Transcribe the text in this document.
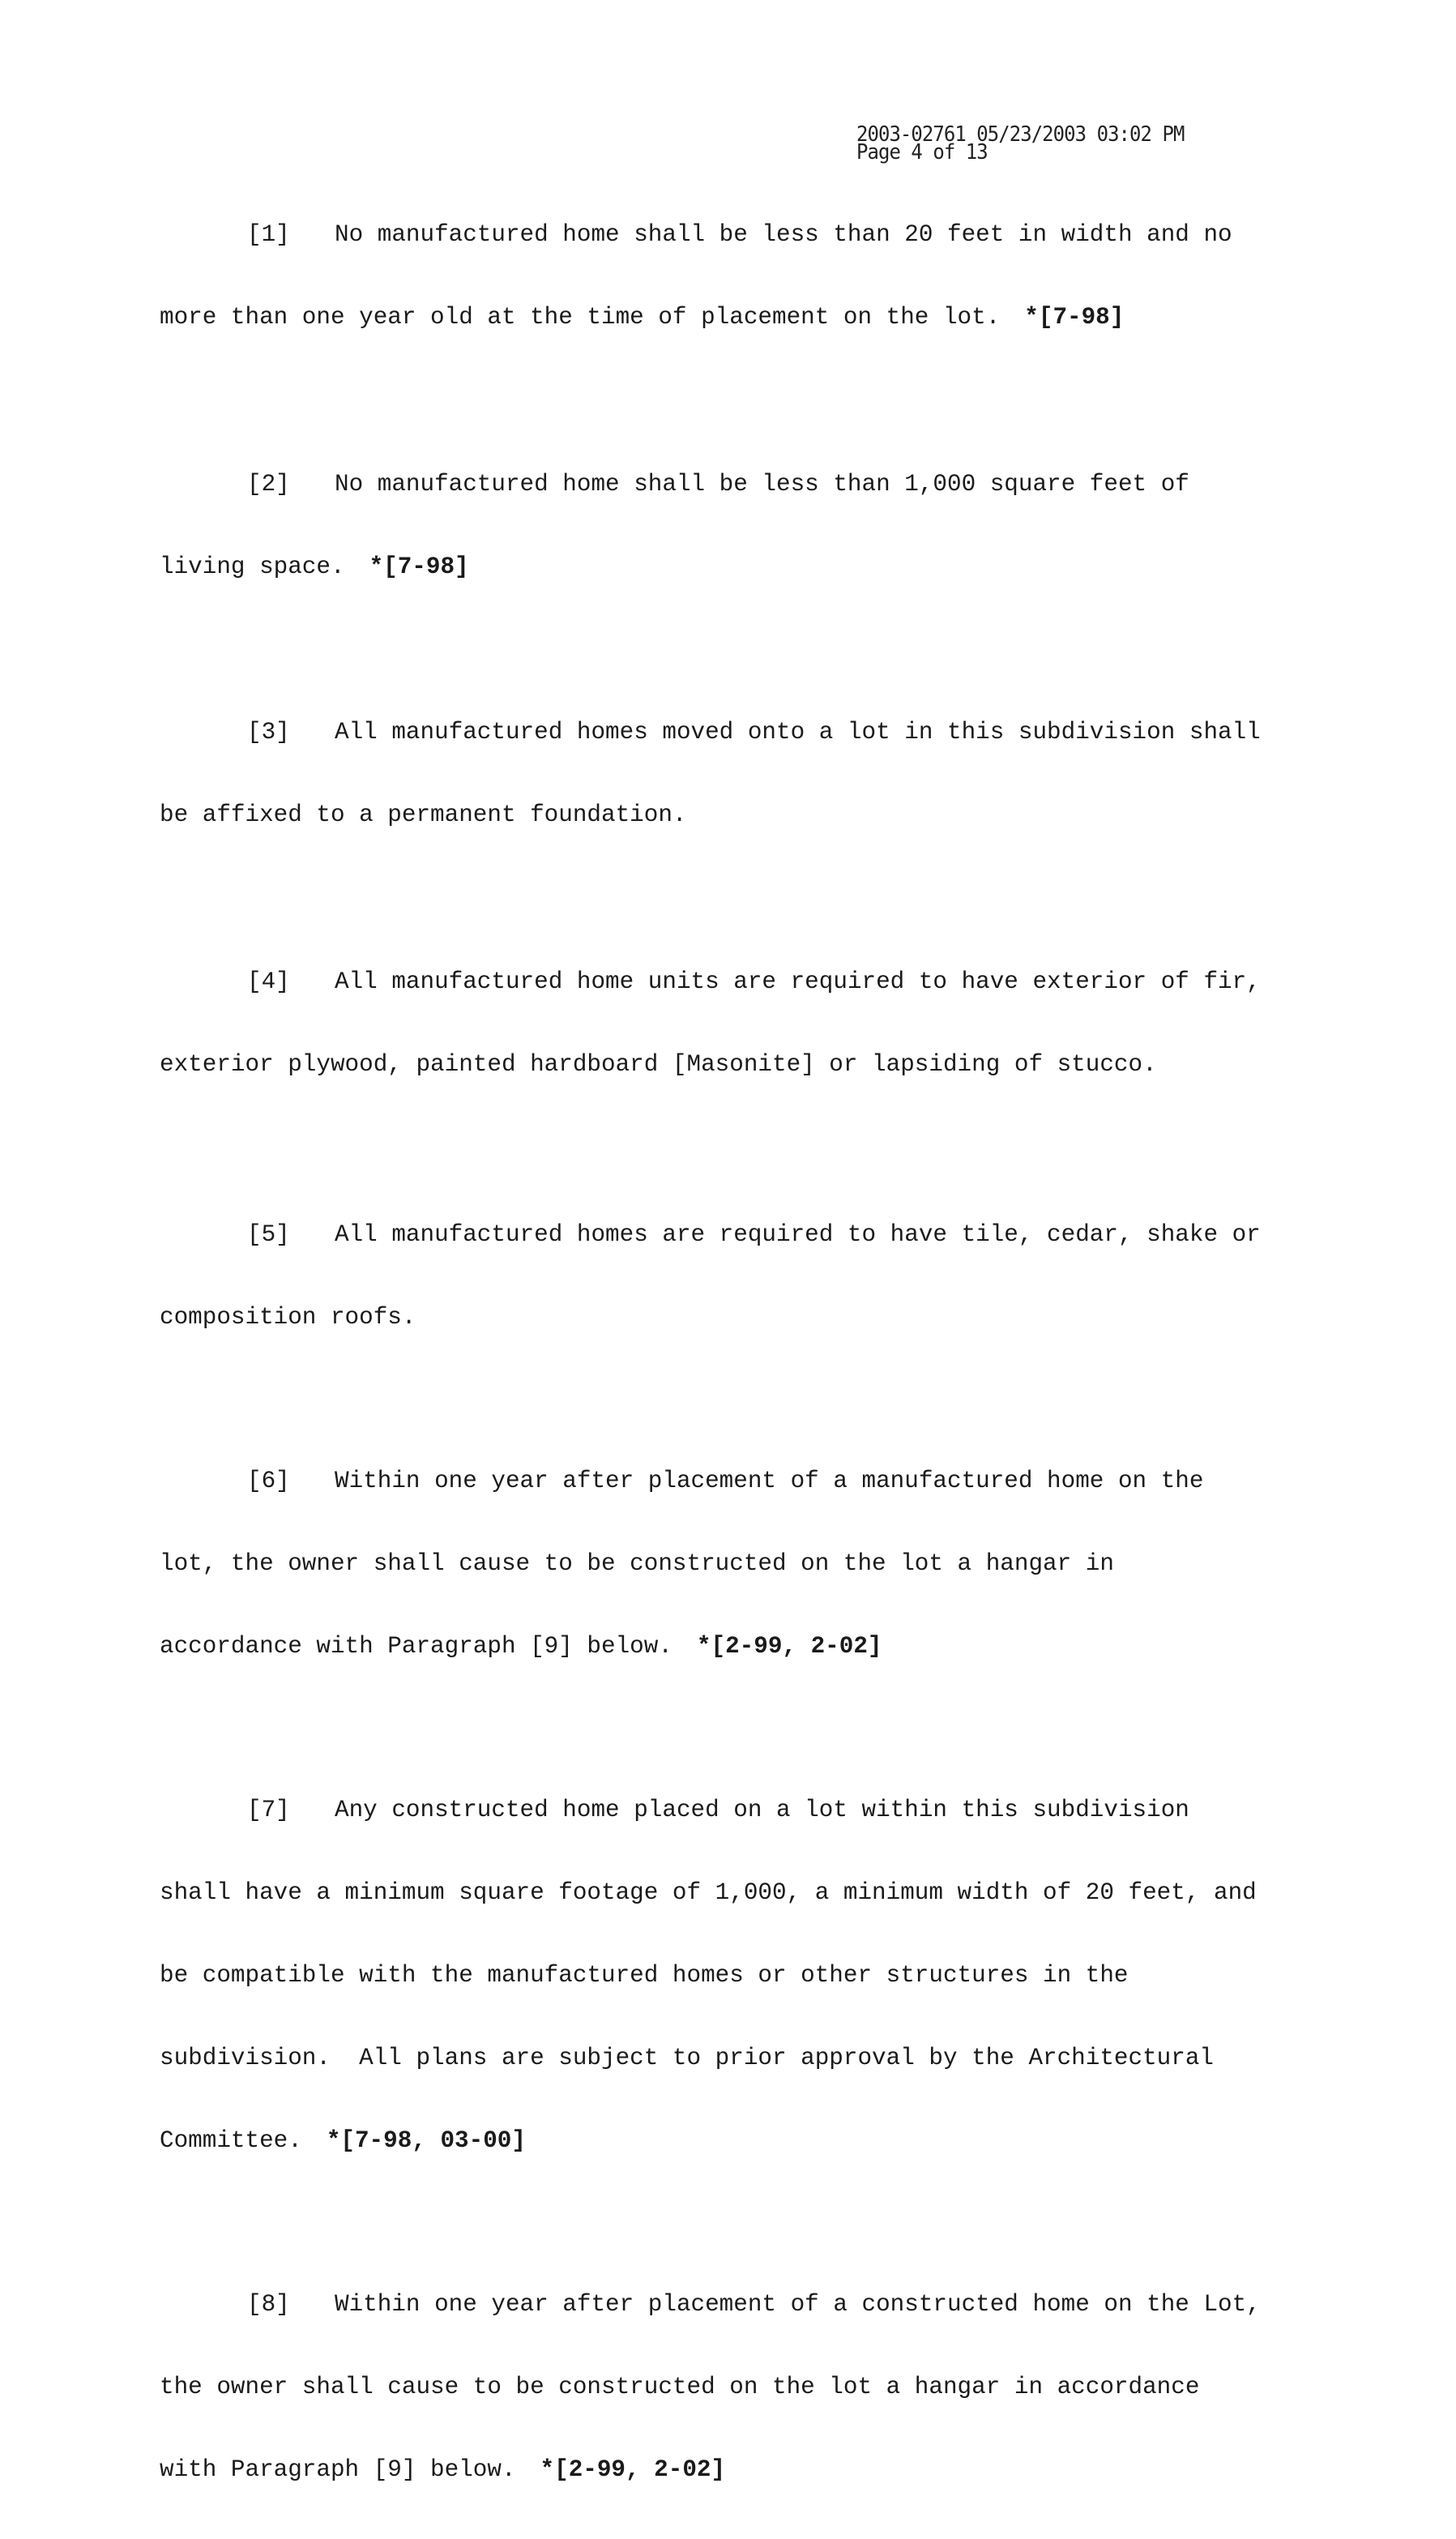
2003-02761 05/23/2003 03:02 PM
Page 4 of 13

[1] No manufactured home shall be less than 20 feet in width and no

more than one year old at the time of placement on the lot. *[7-98]

[2] No manufactured home shall be less than 1,000 square feet of

living space. *[7-98]

[3] All manufactured homes moved onto a lot in this subdivision shall

be affixed to a permanent foundation.

[4] All manufactured home units are required to have exterior of fir,

exterior plywood, painted hardboard [Masonite] or lapsiding of stucco.

[5] All manufactured homes are required to have tile, cedar, shake or

composition roofs.

[6] Within one year after placement of a manufactured home on the

lot, the owner shall cause to be constructed on the lot a hangar in

accordance with Paragraph [9] below. *[2-99, 2-02]

[7] Any constructed home placed on a lot within this subdivision

shall have a minimum square footage of 1,000, a minimum width of 20 feet, and

be compatible with the manufactured homes or other structures in the

subdivision.  All plans are subject to prior approval by the Architectural

Committee. *[7-98, 03-00]

[8] Within one year after placement of a constructed home on the Lot,

the owner shall cause to be constructed on the lot a hangar in accordance

with Paragraph [9] below. *[2-99, 2-02]
